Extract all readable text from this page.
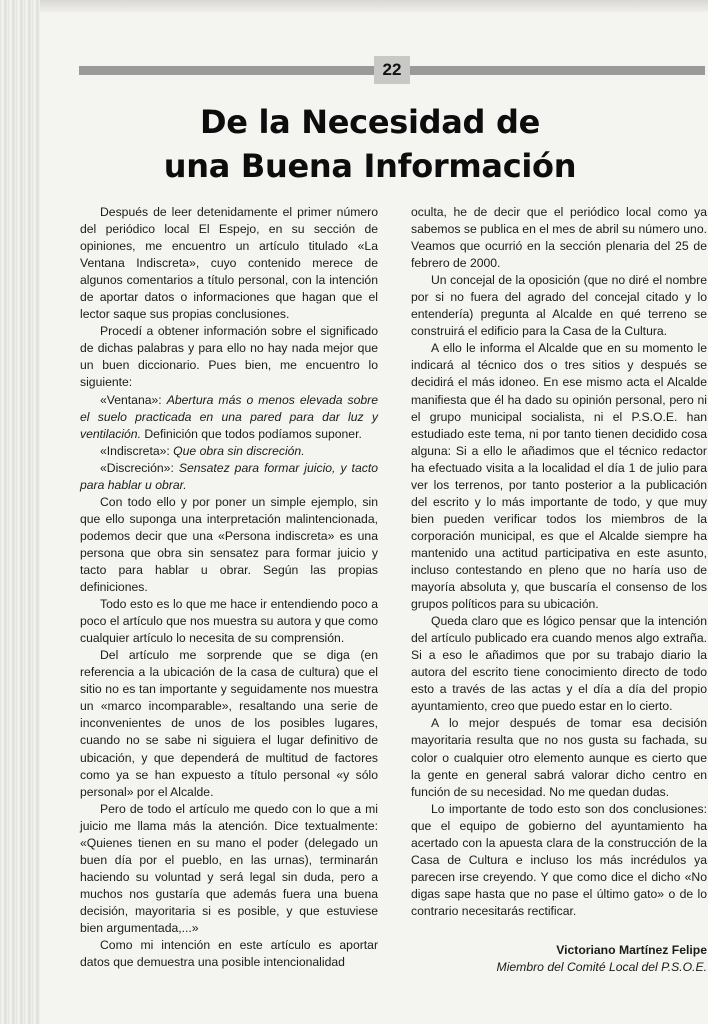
22
De la Necesidad de
una Buena Información

Después de leer detenidamente el primer número del periódico local El Espejo, en su sección de opiniones, me encuentro un artículo titulado «La Ventana Indiscreta», cuyo contenido merece de algunos comentarios a título personal, con la intención de aportar datos o informaciones que hagan que el lector saque sus propias conclusiones.

Procedí a obtener información sobre el significado de dichas palabras y para ello no hay nada mejor que un buen diccionario. Pues bien, me encuentro lo siguiente:

«Ventana»: Abertura más o menos elevada sobre el suelo practicada en una pared para dar luz y ventilación. Definición que todos podíamos suponer.

«Indiscreta»: Que obra sin discreción.

«Discreción»: Sensatez para formar juicio, y tacto para hablar u obrar.

Con todo ello y por poner un simple ejemplo, sin que ello suponga una interpretación malintencionada, podemos decir que una «Persona indiscreta» es una persona que obra sin sensatez para formar juicio y tacto para hablar u obrar. Según las propias definiciones.

Todo esto es lo que me hace ir entendiendo poco a poco el artículo que nos muestra su autora y que como cualquier artículo lo necesita de su comprensión.

Del artículo me sorprende que se diga (en referencia a la ubicación de la casa de cultura) que el sitio no es tan importante y seguidamente nos muestra un «marco incomparable», resaltando una serie de inconvenientes de unos de los posibles lugares, cuando no se sabe ni siguiera el lugar definitivo de ubicación, y que dependerá de multitud de factores como ya se han expuesto a título personal «y sólo personal» por el Alcalde.

Pero de todo el artículo me quedo con lo que a mi juicio me llama más la atención. Dice textualmente: «Quienes tienen en su mano el poder (delegado un buen día por el pueblo, en las urnas), terminarán haciendo su voluntad y será legal sin duda, pero a muchos nos gustaría que además fuera una buena decisión, mayoritaria si es posible, y que estuviese bien argumentada,...»

Como mi intención en este artículo es aportar datos que demuestra una posible intencionalidad

oculta, he de decir que el periódico local como ya sabemos se publica en el mes de abril su número uno. Veamos que ocurrió en la sección plenaria del 25 de febrero de 2000.

Un concejal de la oposición (que no diré el nombre por si no fuera del agrado del concejal citado y lo entendería) pregunta al Alcalde en qué terreno se construirá el edificio para la Casa de la Cultura.

A ello le informa el Alcalde que en su momento le indicará al técnico dos o tres sitios y después se decidirá el más idoneo. En ese mismo acta el Alcalde manifiesta que él ha dado su opinión personal, pero ni el grupo municipal socialista, ni el P.S.O.E. han estudiado este tema, ni por tanto tienen decidido cosa alguna: Si a ello le añadimos que el técnico redactor ha efectuado visita a la localidad el día 1 de julio para ver los terrenos, por tanto posterior a la publicación del escrito y lo más importante de todo, y que muy bien pueden verificar todos los miembros de la corporación municipal, es que el Alcalde siempre ha mantenido una actitud participativa en este asunto, incluso contestando en pleno que no haría uso de mayoría absoluta y, que buscaría el consenso de los grupos políticos para su ubicación.

Queda claro que es lógico pensar que la intención del artículo publicado era cuando menos algo extraña. Si a eso le añadimos que por su trabajo diario la autora del escrito tiene conocimiento directo de todo esto a través de las actas y el día a día del propio ayuntamiento, creo que puedo estar en lo cierto.

A lo mejor después de tomar esa decisión mayoritaria resulta que no nos gusta su fachada, su color o cualquier otro elemento aunque es cierto que la gente en general sabrá valorar dicho centro en función de su necesidad. No me quedan dudas.

Lo importante de todo esto son dos conclusiones: que el equipo de gobierno del ayuntamiento ha acertado con la apuesta clara de la construcción de la Casa de Cultura e incluso los más incrédulos ya parecen irse creyendo. Y que como dice el dicho «No digas sape hasta que no pase el último gato» o de lo contrario necesitarás rectificar.

Victoriano Martínez Felipe
Miembro del Comité Local del P.S.O.E.
